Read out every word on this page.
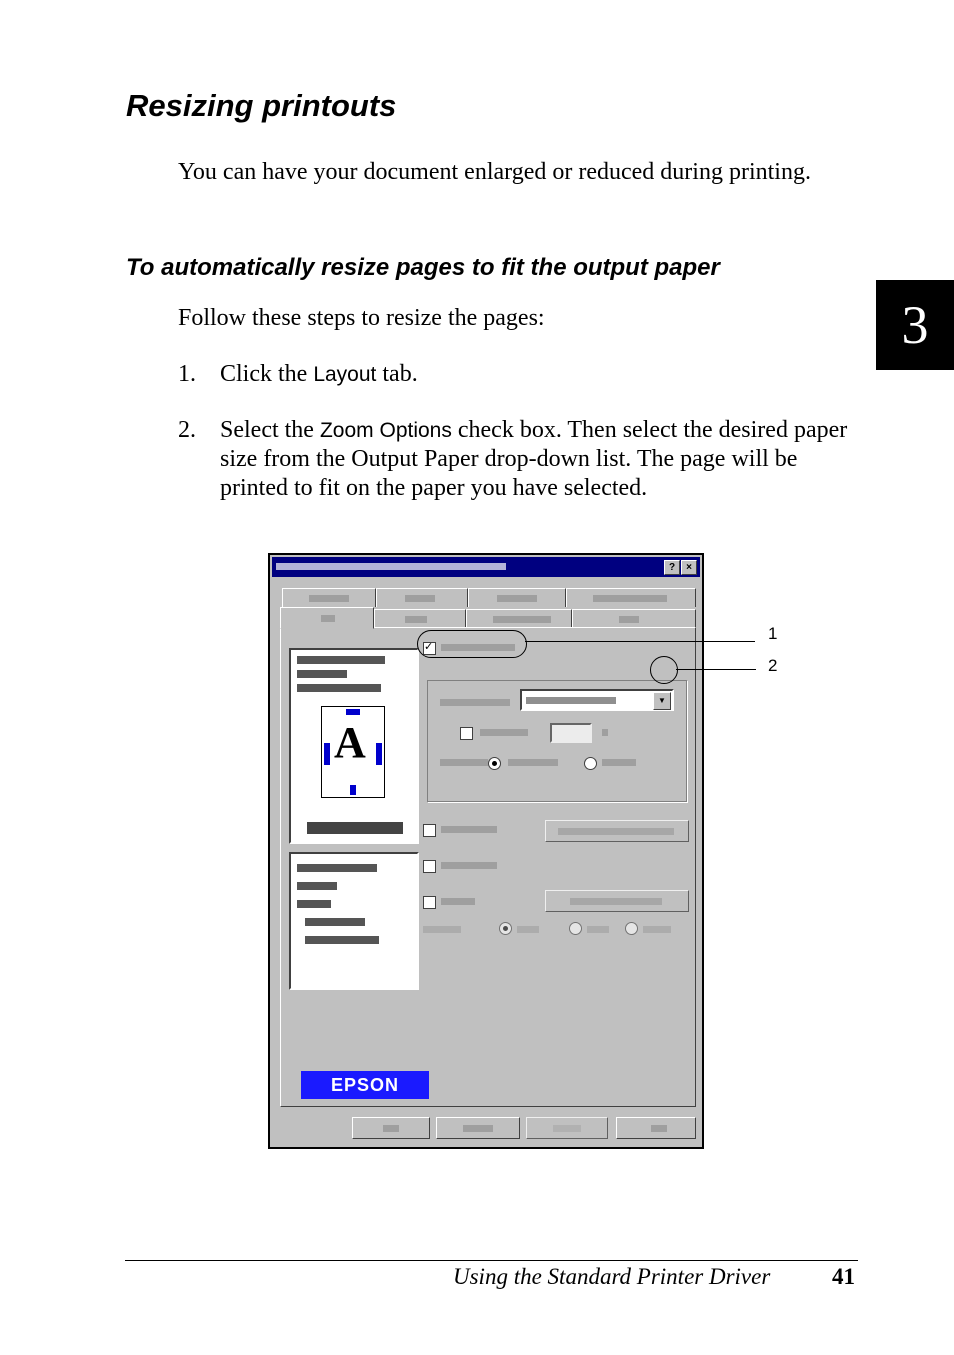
Resizing printouts
You can have your document enlarged or reduced during printing.
To automatically resize pages to fit the output paper
Follow these steps to resize the pages:
1. Click the Layout tab.
2. Select the Zoom Options check box. Then select the desired paper size from the Output Paper drop-down list. The page will be printed to fit on the paper you have selected.
3
?	×
A
EPSON
✓
▼
1
2
Using the Standard Printer Driver	41
